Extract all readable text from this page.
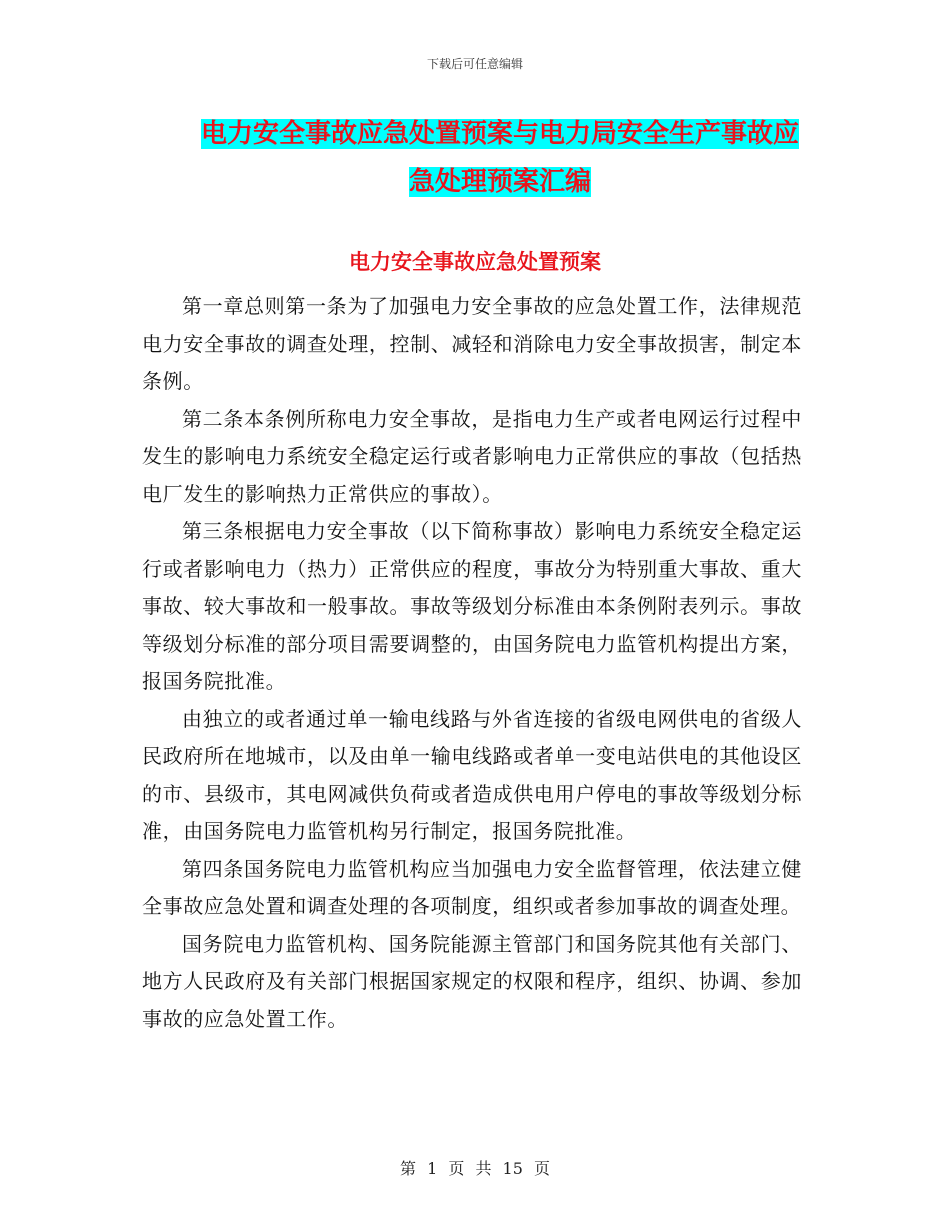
下载后可任意编辑
电力安全事故应急处置预案与电力局安全生产事故应
急处理预案汇编
电力安全事故应急处置预案

第一章总则第一条为了加强电力安全事故的应急处置工作，法律规范电力安全事故的调查处理，控制、减轻和消除电力安全事故损害，制定本条例。

第二条本条例所称电力安全事故，是指电力生产或者电网运行过程中发生的影响电力系统安全稳定运行或者影响电力正常供应的事故（包括热电厂发生的影响热力正常供应的事故）。

第三条根据电力安全事故（以下简称事故）影响电力系统安全稳定运行或者影响电力（热力）正常供应的程度，事故分为特别重大事故、重大事故、较大事故和一般事故。事故等级划分标准由本条例附表列示。事故等级划分标准的部分项目需要调整的，由国务院电力监管机构提出方案，报国务院批准。

由独立的或者通过单一输电线路与外省连接的省级电网供电的省级人民政府所在地城市，以及由单一输电线路或者单一变电站供电的其他设区的市、县级市，其电网减供负荷或者造成供电用户停电的事故等级划分标准，由国务院电力监管机构另行制定，报国务院批准。

第四条国务院电力监管机构应当加强电力安全监督管理，依法建立健全事故应急处置和调查处理的各项制度，组织或者参加事故的调查处理。

国务院电力监管机构、国务院能源主管部门和国务院其他有关部门、地方人民政府及有关部门根据国家规定的权限和程序，组织、协调、参加事故的应急处置工作。

第 1 页 共 15 页
